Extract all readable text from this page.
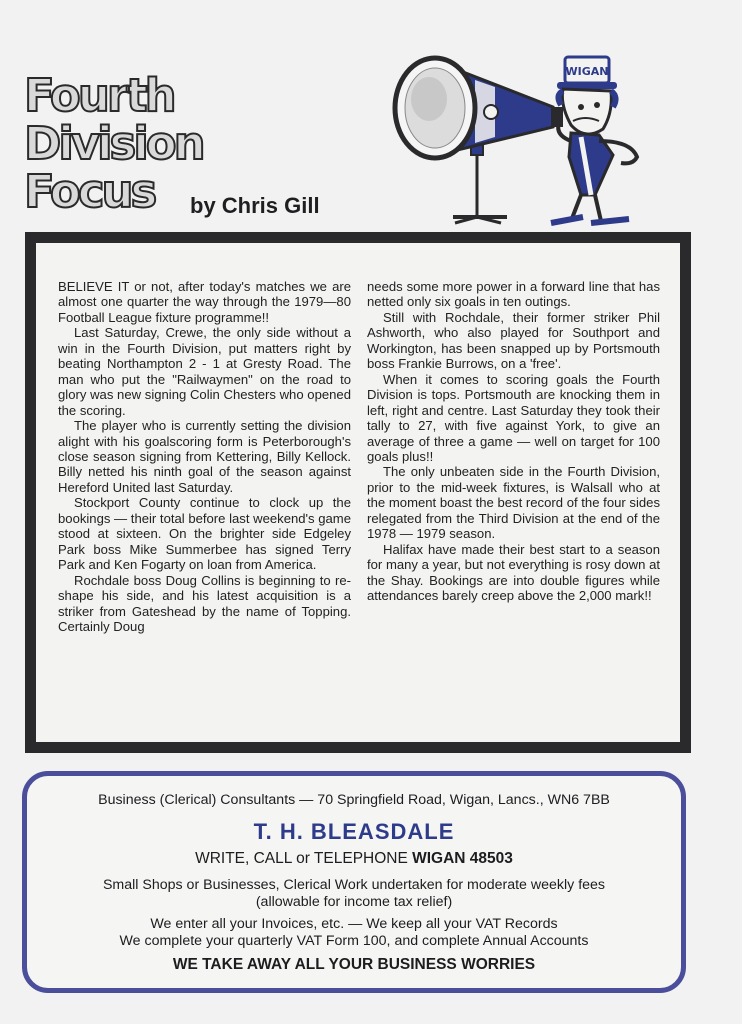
Fourth
Division
Focus	by Chris Gill
WIGAN

BELIEVE IT or not, after today's matches we are almost one quarter the way through the 1979—80 Football League fixture programme!!

Last Saturday, Crewe, the only side without a win in the Fourth Division, put matters right by beating Northampton 2 - 1 at Gresty Road. The man who put the "Railwaymen" on the road to glory was new signing Colin Chesters who opened the scoring.

The player who is currently setting the division alight with his goalscoring form is Peterborough's close season signing from Kettering, Billy Kellock. Billy netted his ninth goal of the season against Hereford United last Saturday.

Stockport County continue to clock up the bookings — their total before last weekend's game stood at sixteen. On the brighter side Edgeley Park boss Mike Summerbee has signed Terry Park and Ken Fogarty on loan from America.

Rochdale boss Doug Collins is beginning to re-shape his side, and his latest acquisition is a striker from Gateshead by the name of Topping. Certainly Doug

needs some more power in a forward line that has netted only six goals in ten outings.

Still with Rochdale, their former striker Phil Ashworth, who also played for Southport and Workington, has been snapped up by Portsmouth boss Frankie Burrows, on a 'free'.

When it comes to scoring goals the Fourth Division is tops. Portsmouth are knocking them in left, right and centre. Last Saturday they took their tally to 27, with five against York, to give an average of three a game — well on target for 100 goals plus!!

The only unbeaten side in the Fourth Division, prior to the mid-week fixtures, is Walsall who at the moment boast the best record of the four sides relegated from the Third Division at the end of the 1978 — 1979 season.

Halifax have made their best start to a season for many a year, but not everything is rosy down at the Shay. Bookings are into double figures while attendances barely creep above the 2,000 mark!!

Business (Clerical) Consultants — 70 Springfield Road, Wigan, Lancs., WN6 7BB
T. H. BLEASDALE
WRITE, CALL or TELEPHONE WIGAN 48503
Small Shops or Businesses, Clerical Work undertaken for moderate weekly fees
(allowable for income tax relief)
We enter all your Invoices, etc. — We keep all your VAT Records
We complete your quarterly VAT Form 100, and complete Annual Accounts
WE TAKE AWAY ALL YOUR BUSINESS WORRIES
